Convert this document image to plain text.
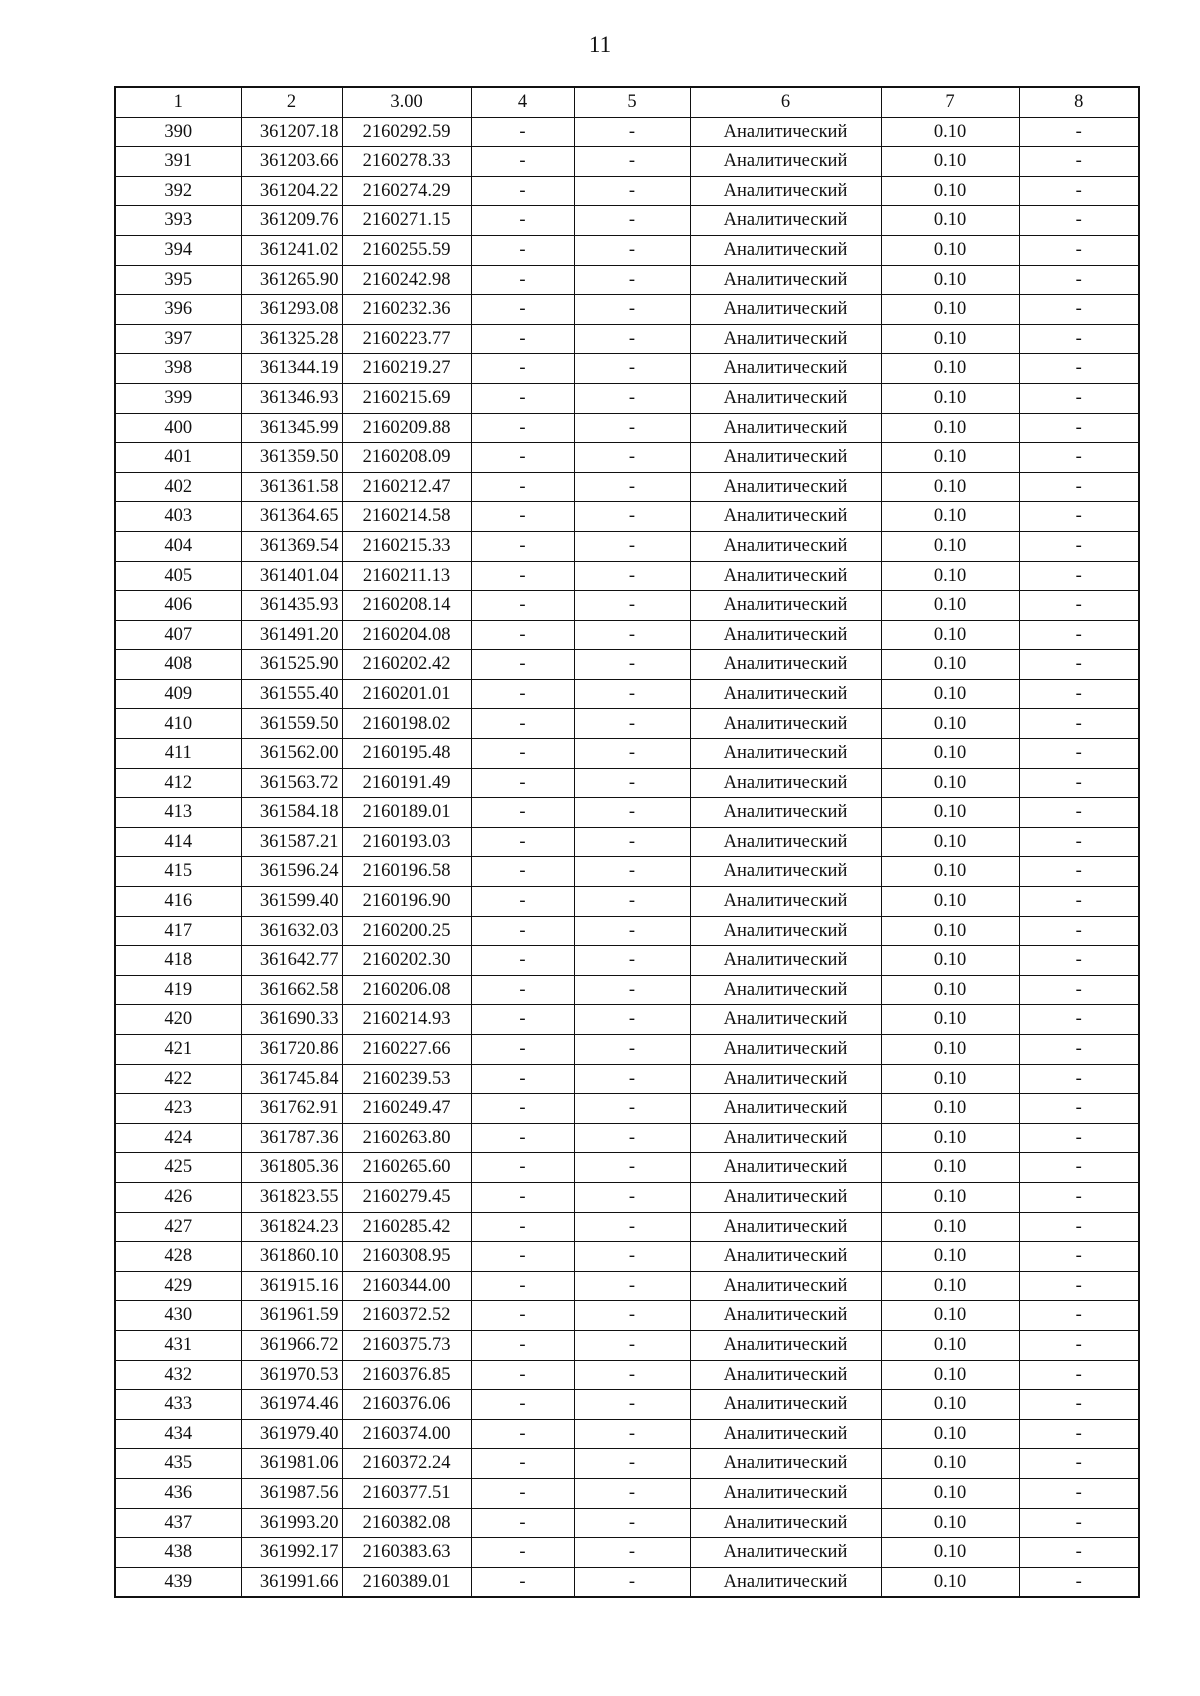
11
1	2	3.00	4	5	6	7	8
390	361207.18	2160292.59	-	-	Аналитический	0.10	-
391	361203.66	2160278.33	-	-	Аналитический	0.10	-
392	361204.22	2160274.29	-	-	Аналитический	0.10	-
393	361209.76	2160271.15	-	-	Аналитический	0.10	-
394	361241.02	2160255.59	-	-	Аналитический	0.10	-
395	361265.90	2160242.98	-	-	Аналитический	0.10	-
396	361293.08	2160232.36	-	-	Аналитический	0.10	-
397	361325.28	2160223.77	-	-	Аналитический	0.10	-
398	361344.19	2160219.27	-	-	Аналитический	0.10	-
399	361346.93	2160215.69	-	-	Аналитический	0.10	-
400	361345.99	2160209.88	-	-	Аналитический	0.10	-
401	361359.50	2160208.09	-	-	Аналитический	0.10	-
402	361361.58	2160212.47	-	-	Аналитический	0.10	-
403	361364.65	2160214.58	-	-	Аналитический	0.10	-
404	361369.54	2160215.33	-	-	Аналитический	0.10	-
405	361401.04	2160211.13	-	-	Аналитический	0.10	-
406	361435.93	2160208.14	-	-	Аналитический	0.10	-
407	361491.20	2160204.08	-	-	Аналитический	0.10	-
408	361525.90	2160202.42	-	-	Аналитический	0.10	-
409	361555.40	2160201.01	-	-	Аналитический	0.10	-
410	361559.50	2160198.02	-	-	Аналитический	0.10	-
411	361562.00	2160195.48	-	-	Аналитический	0.10	-
412	361563.72	2160191.49	-	-	Аналитический	0.10	-
413	361584.18	2160189.01	-	-	Аналитический	0.10	-
414	361587.21	2160193.03	-	-	Аналитический	0.10	-
415	361596.24	2160196.58	-	-	Аналитический	0.10	-
416	361599.40	2160196.90	-	-	Аналитический	0.10	-
417	361632.03	2160200.25	-	-	Аналитический	0.10	-
418	361642.77	2160202.30	-	-	Аналитический	0.10	-
419	361662.58	2160206.08	-	-	Аналитический	0.10	-
420	361690.33	2160214.93	-	-	Аналитический	0.10	-
421	361720.86	2160227.66	-	-	Аналитический	0.10	-
422	361745.84	2160239.53	-	-	Аналитический	0.10	-
423	361762.91	2160249.47	-	-	Аналитический	0.10	-
424	361787.36	2160263.80	-	-	Аналитический	0.10	-
425	361805.36	2160265.60	-	-	Аналитический	0.10	-
426	361823.55	2160279.45	-	-	Аналитический	0.10	-
427	361824.23	2160285.42	-	-	Аналитический	0.10	-
428	361860.10	2160308.95	-	-	Аналитический	0.10	-
429	361915.16	2160344.00	-	-	Аналитический	0.10	-
430	361961.59	2160372.52	-	-	Аналитический	0.10	-
431	361966.72	2160375.73	-	-	Аналитический	0.10	-
432	361970.53	2160376.85	-	-	Аналитический	0.10	-
433	361974.46	2160376.06	-	-	Аналитический	0.10	-
434	361979.40	2160374.00	-	-	Аналитический	0.10	-
435	361981.06	2160372.24	-	-	Аналитический	0.10	-
436	361987.56	2160377.51	-	-	Аналитический	0.10	-
437	361993.20	2160382.08	-	-	Аналитический	0.10	-
438	361992.17	2160383.63	-	-	Аналитический	0.10	-
439	361991.66	2160389.01	-	-	Аналитический	0.10	-
